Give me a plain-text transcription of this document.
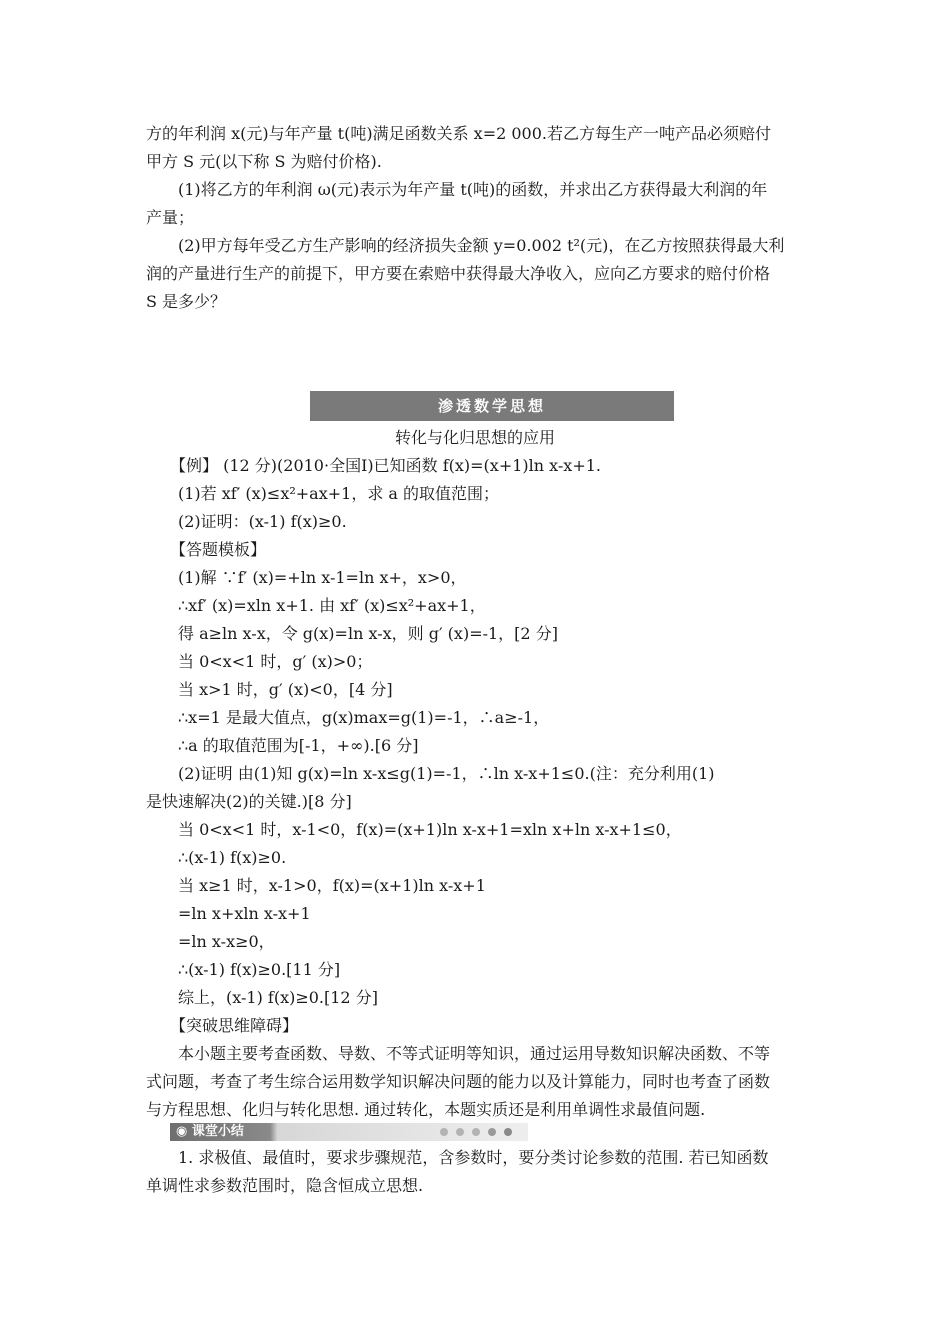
方的年利润 x(元)与年产量 t(吨)满足函数关系 x=2 000.若乙方每生产一吨产品必须赔付
甲方 S 元(以下称 S 为赔付价格).
(1)将乙方的年利润 ω(元)表示为年产量 t(吨)的函数，并求出乙方获得最大利润的年
产量；
(2)甲方每年受乙方生产影响的经济损失金额 y=0.002 t²(元)，在乙方按照获得最大利
润的产量进行生产的前提下，甲方要在索赔中获得最大净收入，应向乙方要求的赔付价格
S 是多少？
渗透数学思想
转化与化归思想的应用
【例】 (12 分)(2010·全国Ⅰ)已知函数 f(x)=(x+1)ln x-x+1.
(1)若 xf′ (x)≤x²+ax+1，求 a 的取值范围；
(2)证明：(x-1) f(x)≥0.
【答题模板】
(1)解 ∵f′ (x)=+ln x-1=ln x+，x>0，
∴xf′ (x)=xln x+1. 由 xf′ (x)≤x²+ax+1，
得 a≥ln x-x，令 g(x)=ln x-x，则 g′ (x)=-1，[2 分]
当 0<x<1 时，g′ (x)>0；
当 x>1 时，g′ (x)<0，[4 分]
∴x=1 是最大值点，g(x)max=g(1)=-1，∴a≥-1，
∴a 的取值范围为[-1，+∞).[6 分]
(2)证明 由(1)知 g(x)=ln x-x≤g(1)=-1，∴ln x-x+1≤0.(注：充分利用(1)
是快速解决(2)的关键.)[8 分]
当 0<x<1 时，x-1<0，f(x)=(x+1)ln x-x+1=xln x+ln x-x+1≤0，
∴(x-1) f(x)≥0.
当 x≥1 时，x-1>0，f(x)=(x+1)ln x-x+1
=ln x+xln x-x+1
=ln x-x≥0，
∴(x-1) f(x)≥0.[11 分]
综上，(x-1) f(x)≥0.[12 分]
【突破思维障碍】
本小题主要考查函数、导数、不等式证明等知识，通过运用导数知识解决函数、不等
式问题，考查了考生综合运用数学知识解决问题的能力以及计算能力，同时也考查了函数
与方程思想、化归与转化思想. 通过转化，本题实质还是利用单调性求最值问题.
◉ 课堂小结
1. 求极值、最值时，要求步骤规范，含参数时，要分类讨论参数的范围. 若已知函数
单调性求参数范围时，隐含恒成立思想.
